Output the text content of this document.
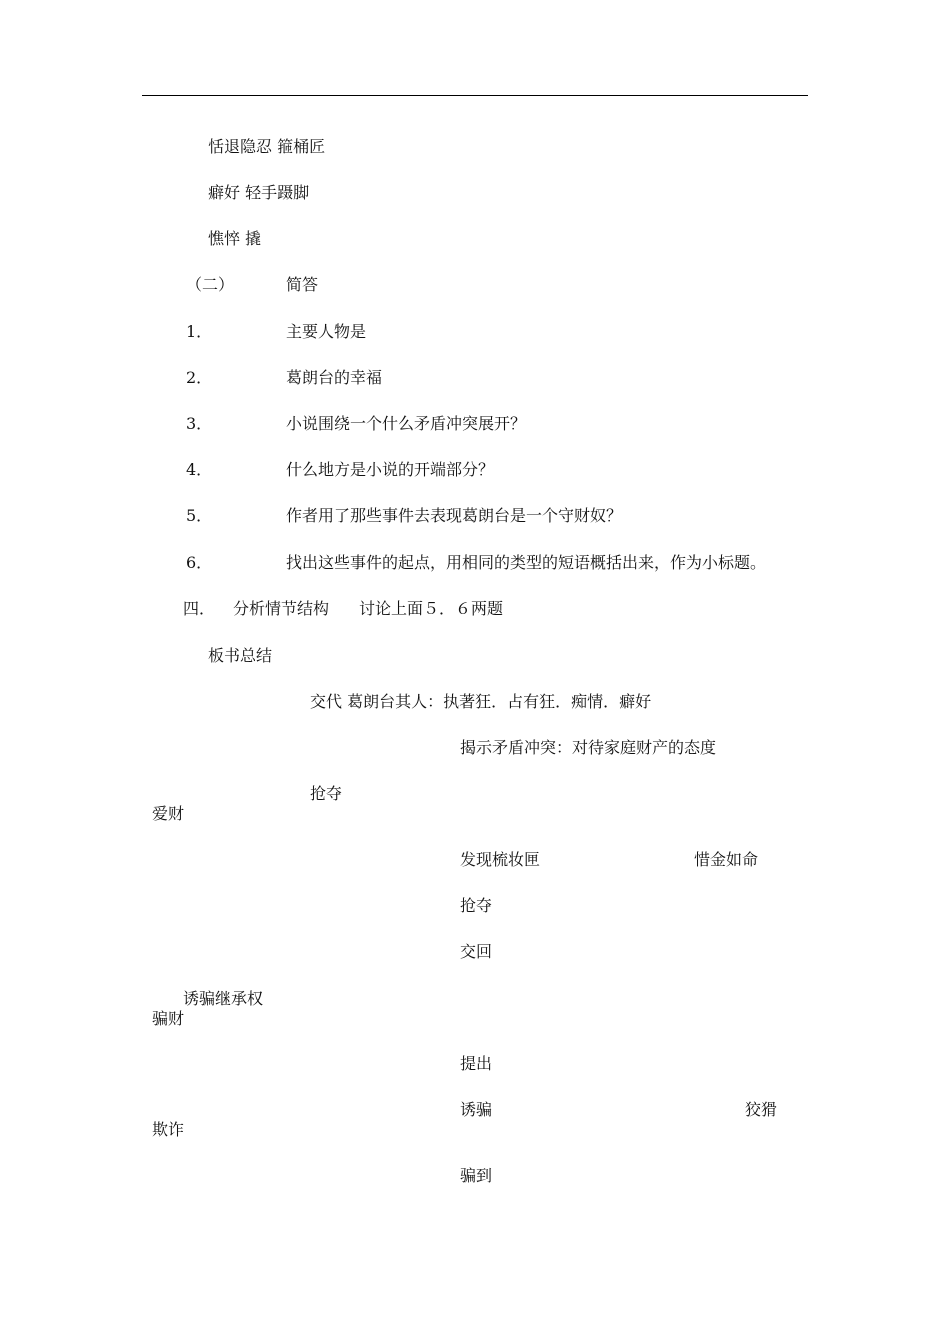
恬退隐忍 箍桶匠
癖好 轻手蹑脚
憔悴 撬
（二）	简答
1．	主要人物是
2．	葛朗台的幸福
3．	小说围绕一个什么矛盾冲突展开？
4．	什么地方是小说的开端部分？
5．	作者用了那些事件去表现葛朗台是一个守财奴？
6．	找出这些事件的起点，用相同的类型的短语概括出来，作为小标题。
四． 分析情节结构 讨论上面５．６两题
板书总结
交代 葛朗台其人：执著狂．占有狂．痴情．癖好
揭示矛盾冲突：对待家庭财产的态度
抢夺
爱财
发现梳妆匣	惜金如命
抢夺
交回
诱骗继承权
骗财
提出
诱骗	狡猾
欺诈
骗到
